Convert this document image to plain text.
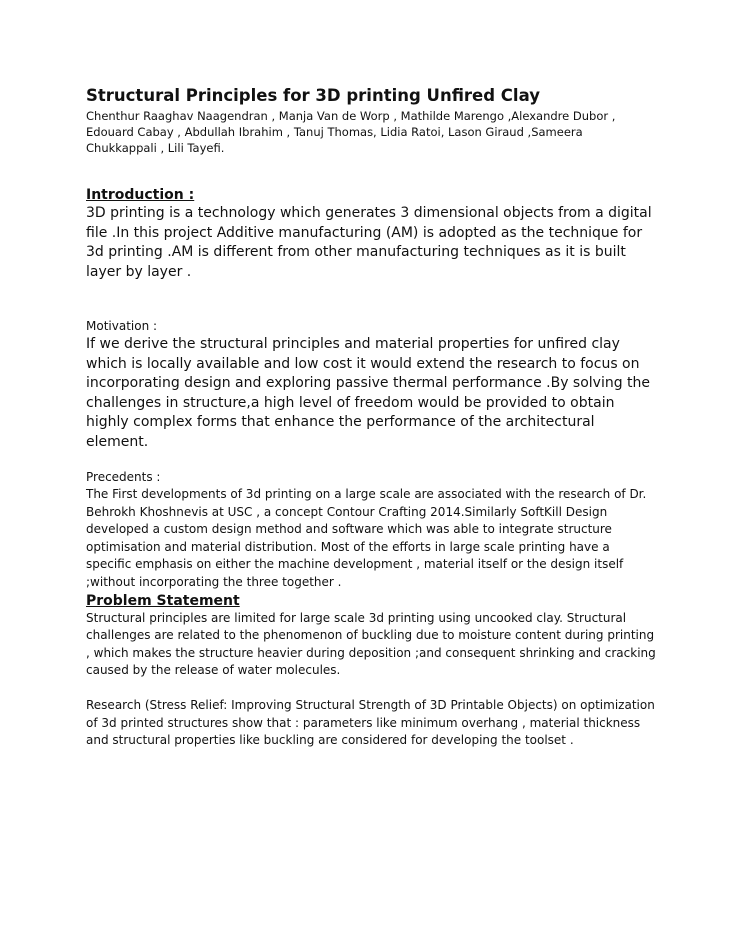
Structural Principles for 3D printing Unfired Clay

Chenthur Raaghav Naagendran , Manja Van de Worp , Mathilde Marengo ,Alexandre Dubor , Edouard Cabay , Abdullah Ibrahim , Tanuj Thomas, Lidia Ratoi, Lason Giraud ,Sameera Chukkappali , Lili Tayefi.

Introduction :

3D printing is a technology which generates 3 dimensional objects from a digital file .In this project Additive manufacturing (AM) is adopted as the technique for 3d printing .AM is different from other manufacturing techniques as it is built layer by layer .

Motivation :

If we derive the structural principles and material properties for unfired clay which is locally available and low cost it would extend the research to focus on incorporating design and exploring passive thermal performance .By solving the challenges in structure,a high level of freedom would be provided to obtain highly complex forms that enhance the performance of the architectural element.

Precedents :

The First developments of 3d printing on a large scale are associated with the research of Dr. Behrokh Khoshnevis at USC , a concept Contour Crafting 2014.Similarly SoftKill Design developed a custom design method and software which was able to integrate structure optimisation and material distribution. Most of the efforts in large scale printing have a specific emphasis on either the machine development , material itself or the design itself ;without incorporating the three together .

Problem Statement

Structural principles are limited for large scale 3d printing using uncooked clay. Structural challenges are related to the phenomenon of buckling due to moisture content during printing , which makes the structure heavier during deposition ;and consequent shrinking and cracking caused by the release of water molecules.

Research (Stress Relief: Improving Structural Strength of 3D Printable Objects) on optimization of 3d printed structures show that : parameters like minimum overhang , material thickness and structural properties like buckling are considered for developing the toolset .
